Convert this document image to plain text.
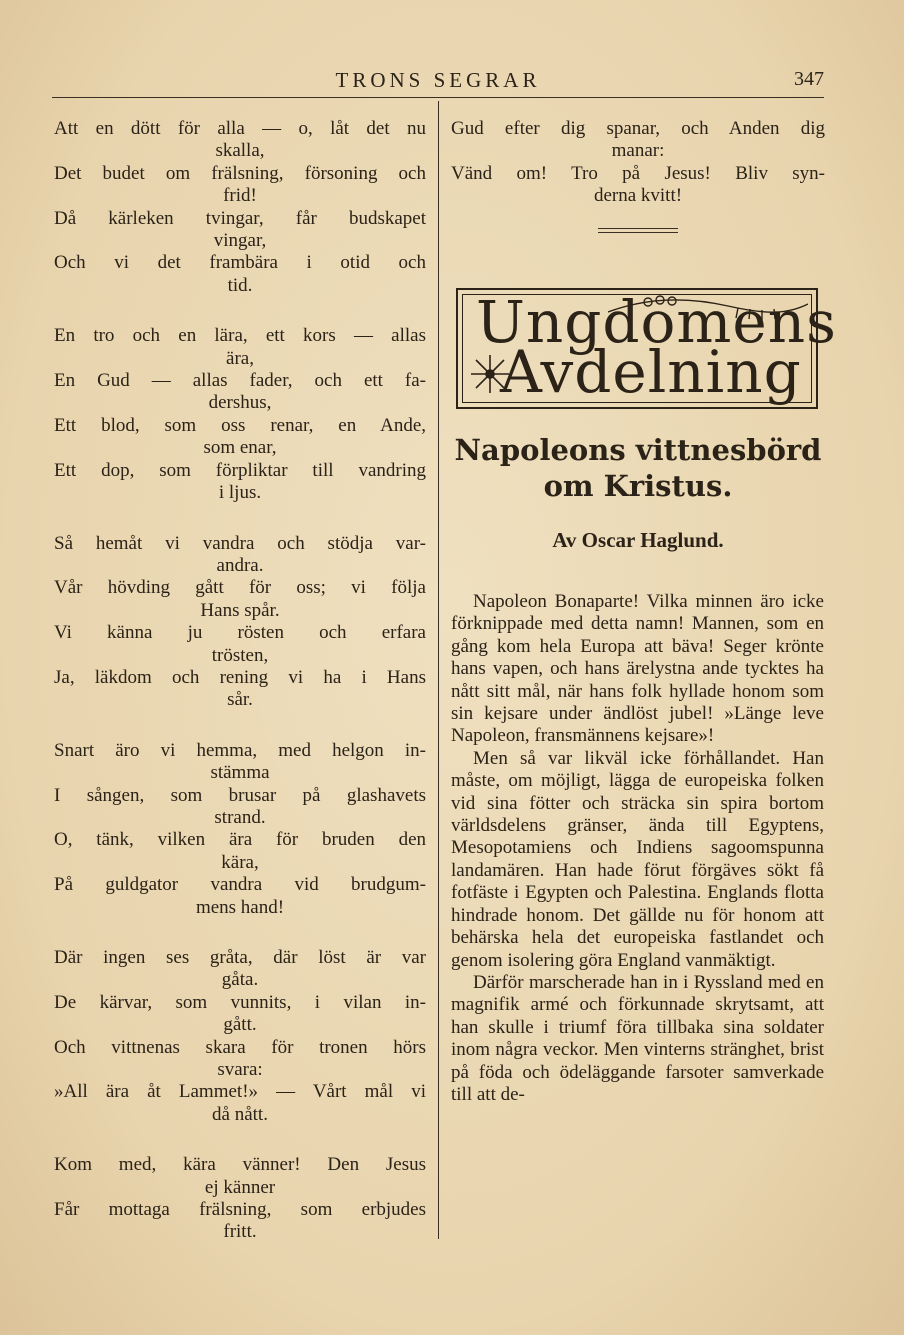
TRONS SEGRAR	347
Att en dött för alla — o, låt det nu
skalla,
Det budet om frälsning, försoning och
frid!
Då kärleken tvingar, får budskapet
vingar,
Och vi det frambära i otid och
tid.
En tro och en lära, ett kors — allas
ära,
En Gud — allas fader, och ett fa-
dershus,
Ett blod, som oss renar, en Ande,
som enar,
Ett dop, som förpliktar till vandring
i ljus.
Så hemåt vi vandra och stödja var-
andra.
Vår hövding gått för oss; vi följa
Hans spår.
Vi känna ju rösten och erfara
trösten,
Ja, läkdom och rening vi ha i Hans
sår.
Snart äro vi hemma, med helgon in-
stämma
I sången, som brusar på glashavets
strand.
O, tänk, vilken ära för bruden den
kära,
På guldgator vandra vid brudgum-
mens hand!
Där ingen ses gråta, där löst är var
gåta.
De kärvar, som vunnits, i vilan in-
gått.
Och vittnenas skara för tronen hörs
svara:
»All ära åt Lammet!» — Vårt mål vi
då nått.
Kom med, kära vänner! Den Jesus
ej känner
Får mottaga frälsning, som erbjudes
fritt.
Gud efter dig spanar, och Anden dig
manar:
Vänd om! Tro på Jesus! Bliv syn-
derna kvitt!
Ungdomens
Avdelning
Napoleons vittnesbörd
om Kristus.
Av Oscar Haglund.

Napoleon Bonaparte! Vilka minnen äro icke förknippade med detta namn! Mannen, som en gång kom hela Europa att bäva! Seger krönte hans vapen, och hans ärelystna ande tycktes ha nått sitt mål, när hans folk hyllade honom som sin kejsare under ändlöst jubel! »Länge leve Napoleon, fransmännens kejsare»!

Men så var likväl icke förhållandet. Han måste, om möjligt, lägga de europeiska folken vid sina fötter och sträcka sin spira bortom världsdelens gränser, ända till Egyptens, Mesopotamiens och Indiens sagoomspunna landamären. Han hade förut förgäves sökt få fotfäste i Egypten och Palestina. Englands flotta hindrade honom. Det gällde nu för honom att behärska hela det europeiska fastlandet och genom isolering göra England vanmäktigt.

Därför marscherade han in i Ryssland med en magnifik armé och förkunnade skrytsamt, att han skulle i triumf föra tillbaka sina soldater inom några veckor. Men vinterns stränghet, brist på föda och ödeläggande farsoter samverkade till att de-
